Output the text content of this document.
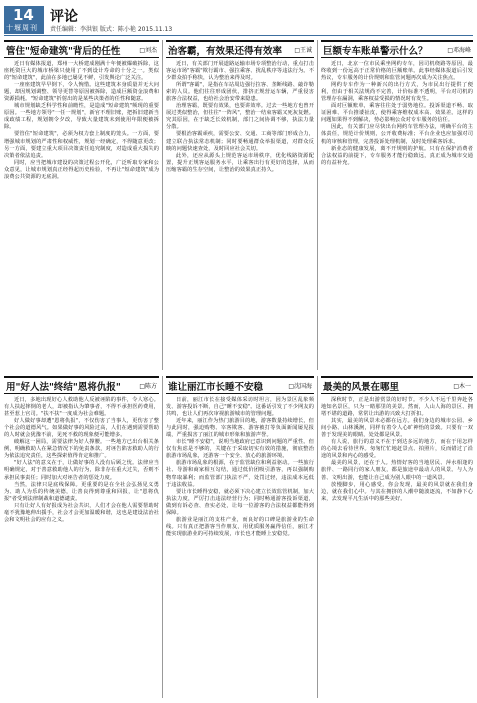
14
十堰周刊
评论
责任编辑：李洪银 版式：陈小艳 2015.11.13
管住"短命建筑"背后的任性	□刘杰

近日有媒体报道，郑州一大桥建成刚满十年便被爆破拆除，这座耗资巨大的城市桥梁只使用了不到设计寿命的十分之一。类似的"短命建筑"，此前在多地已屡见不鲜，引发舆论广泛关注。

一座座建筑早早倒下，令人惋惜。这些建筑本身质量并无大问题，却因规划调整、领导更替等原因被拆除，造成巨额资金浪费和资源损耗。"短命建筑"折射出的是某些决策者的任性和随意。

城市规划缺乏科学性和前瞻性，是造成"短命建筑"频现的重要原因。一些地方领导"一任一规划"，新官不理旧账，把拆旧建新当成政绩工程，规划朝令夕改，导致大量建筑未到使用年限便被拆除。

要管住"短命建筑"，必须为权力套上制度的笼头。一方面，要增强城市规划的严肃性和权威性，规划一经确定，不得随意更改；另一方面，要建立重大项目决策责任追究制度，对造成重大损失的决策者依法追责。

同时，应当把城市建设的决策过程公开化，广泛听取专家和公众意见，让城市规划真正经得起历史检验，不再让"短命建筑"成为浪费公共资源的无底洞。

治客霸，有效果还得有效率 □王诚

近日，有关部门开展道路运输市场专项整治行动，重点打击客运市场"客霸"欺行霸市、强拉乘客、扰乱秩序等违法行为。不少群众拍手称快，认为整治来得及时。

所谓"客霸"，是指在车站周边强行拉客、垄断线路、敲诈勒索的人员。他们往往形成团伙，排挤正规营运车辆，严重侵害旅客合法权益，也给社会治安带来隐患。

治理客霸，既要有效果，也要讲效率。过去一些地方也曾开展过类似整治，但往往"一阵风"，整治一结束客霸又死灰复燃。究其原因，在于缺乏长效机制，部门之间协调不够，执法力量分散。

要根治客霸顽疾，需要公安、交通、工商等部门形成合力，建立联合执法常态机制；同时要畅通群众举报渠道，对群众反映的问题快速查处，及时回应社会关切。

此外，还应从源头上规范客运市场秩序，优化线路资源配置，提升正规客运服务水平，让乘客出行有更好的选择，从而压缩客霸的生存空间，让整治的效果真正持久。

巨额专车账单警示什么？	□邓海峰

近日，北京一位市民乘坐网约专车，因司机绕路等原因，最终收到一份远高于正常价格的巨额账单。此事经媒体报道后引发热议，专车服务的计价规则和监管问题再次成为关注焦点。

网约专车作为一种新兴的出行方式，为市民出行提供了便利，但由于相关法规尚不完善，计价标准不透明，平台对司机的管理存在漏洞，乘客权益受损的情况时有发生。

面对巨额账单，乘客往往处于弱势地位。投诉渠道不畅、取证困难、平台推诿扯皮，使得乘客维权成本高、效果差。这样的问题如果得不到解决，势必影响公众对专车服务的信任。

因此，有关部门应尽快出台网约车管理办法，明确平台的主体责任，规范计价规则，公开收费标准；平台企业也应加强对司机的审核和管理，完善投诉处理机制，及时处理乘客诉求。

新业态的健康发展，离不开规则的护航。只有在保护消费者合法权益的前提下，专车服务才能行稳致远，真正成为城市交通的有益补充。

用"好人法"终结"恩将仇报"	□陈方

近日，多地出现好心人救助他人反被诬陷的事件，令人寒心。有人扶起摔倒的老人，却被指认为肇事者，不得不承担医药费用，甚至惹上官司。"扶不扶"一度成为社会难题。

好人做好事却遭"恩将仇报"，不仅伤害了当事人，更伤害了整个社会的道德风气。如果做好事的风险过高，人们在遇到需要帮助的人时就会犹豫不前，见死不救的现象便可能增多。

破解这一困局，需要法律为好人撑腰。一些地方已出台相关条例，明确救助人在紧急情况下的免责条款，对诬告陷害救助人的行为依法追究责任，这些探索值得肯定和推广。

"好人法"的意义在于，让做好事的人没有后顾之忧。法律应当明确规定，对于善意救助他人的行为，除非存在重大过失，否则不承担民事责任；同时加大对诬告者的惩处力度。

当然，法律只是底线保障。更重要的是在全社会弘扬见义勇为、助人为乐的传统美德，让善良得到尊重和回报，让"恩将仇报"者受到法律制裁和道德谴责。

只有让好人有好报成为社会共识，人们才会在他人需要帮助时毫不犹豫地伸出援手，社会才会更加温暖和谐，这也是建设法治社会和文明社会的应有之义。

谁让丽江市长睡不安稳	□沈国海

日前，丽江市长在接受媒体采访时坦言，因为景区乱象频发、游客投诉不断，自己"睡不安稳"。这番话引发了不少网友的共鸣，也让人们再次审视旅游城市的管理问题。

近年来，丽江作为热门旅游目的地，游客数量持续增长，但与此同时，强迫购物、宰客欺客、游客被打等负面新闻屡见报端，严重损害了丽江的城市形象和旅游声誉。

市长"睡不安稳"，说明当地政府已意识到问题的严重性。但仅有焦虑是不够的，关键在于采取切实有效的措施，彻底整治旅游市场乱象，还游客一个安全、放心的旅游环境。

旅游市场乱象的根源，在于监管缺位和利益驱动。一些旅行社、导游和商家相互勾结，通过低价团吸引游客，再以强制购物牟取暴利；而监管部门执法不严，处罚过轻，违法成本远低于违法收益。

要让市长睡得安稳，就必须下决心建立长效监管机制，加大执法力度，严厉打击违法经营行为；同时畅通游客投诉渠道，做到有诉必查、查实必处，让每一位游客的合法权益都能得到保障。

旅游业是丽江的支柱产业，而良好的口碑是旅游业的生命线。只有真正把游客当作朋友，用优质服务赢得信任，丽江才能实现旅游业的可持续发展，市长也才能睡上安稳觉。

最美的风景在哪里	□木一

深秋时节，正是出游赏景的好时节。不少人不远千里奔赴各地知名景区，只为一睹那里的美景。然而，人山人海的景区、拥堵不堪的道路，常常让出游的兴致大打折扣。

其实，最美的风景未必都在远方。我们身边的城市公园、乡间小路、山林溪涧，同样有着令人心旷神怡的景致。只要有一双善于发现美的眼睛，处处都是风景。

有人说，旅行的意义不在于到达多远的地方，而在于用怎样的心境去看待世界。匆匆忙忙地赶景点、拍照片，反而错过了沿途的风景和内心的感受。

最美的风景，还在于人。热情好客的当地居民、萍水相逢的旅伴、一路同行的家人朋友，都是旅途中最动人的风景。与人为善、文明出游，也能让自己成为别人眼中的一道风景。

放慢脚步，用心感受，你会发现，最美的风景就在我们身边，就在我们心中。与其在拥挤的人潮中随波逐流，不如静下心来，去发现平凡生活中的那些美好。
